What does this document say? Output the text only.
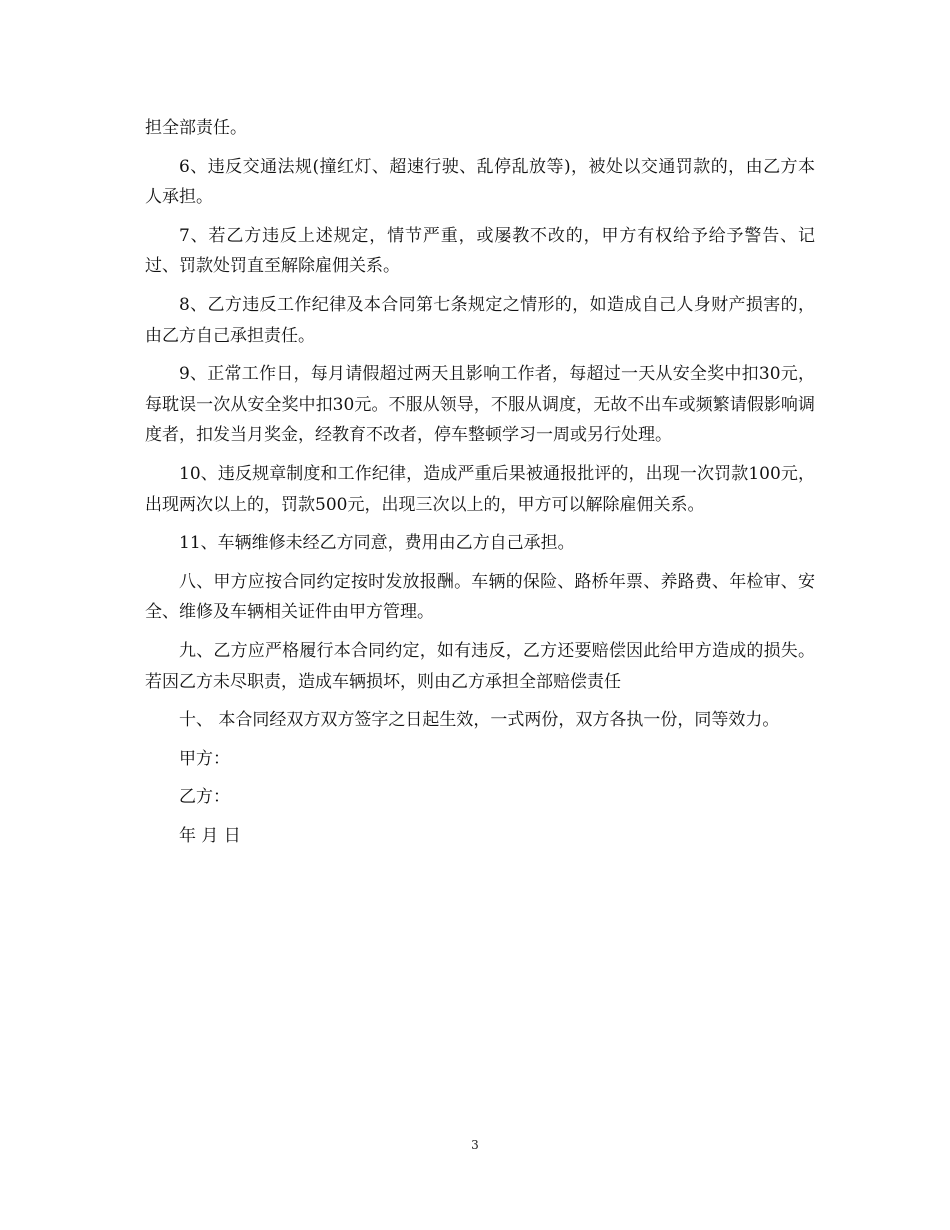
担全部责任。

6、违反交通法规(撞红灯、超速行驶、乱停乱放等)，被处以交通罚款的，由乙方本人承担。

7、若乙方违反上述规定，情节严重，或屡教不改的，甲方有权给予给予警告、记过、罚款处罚直至解除雇佣关系。

8、乙方违反工作纪律及本合同第七条规定之情形的，如造成自己人身财产损害的，由乙方自己承担责任。

9、正常工作日，每月请假超过两天且影响工作者，每超过一天从安全奖中扣30元，每耽误一次从安全奖中扣30元。不服从领导，不服从调度，无故不出车或频繁请假影响调度者，扣发当月奖金，经教育不改者，停车整顿学习一周或另行处理。

10、违反规章制度和工作纪律，造成严重后果被通报批评的，出现一次罚款100元，出现两次以上的，罚款500元，出现三次以上的，甲方可以解除雇佣关系。

11、车辆维修未经乙方同意，费用由乙方自己承担。

八、甲方应按合同约定按时发放报酬。车辆的保险、路桥年票、养路费、年检审、安全、维修及车辆相关证件由甲方管理。

九、乙方应严格履行本合同约定，如有违反，乙方还要赔偿因此给甲方造成的损失。若因乙方未尽职责，造成车辆损坏，则由乙方承担全部赔偿责任

十、 本合同经双方双方签字之日起生效，一式两份，双方各执一份，同等效力。

甲方：

乙方：

年 月 日

3
